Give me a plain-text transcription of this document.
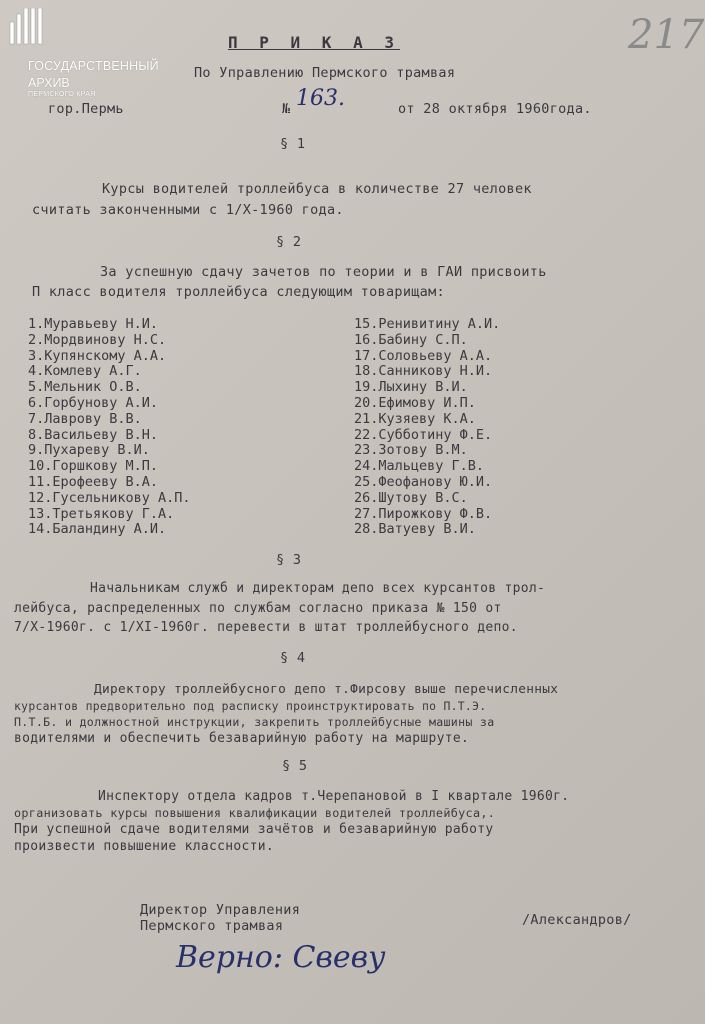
ГОСУДАРСТВЕННЫЙ
АРХИВ
ПЕРМСКОГО КРАЯ
217
П Р И К А З
По Управлению Пермского трамвая
гор.Пермь	№ 163.	от 28 октября 1960года.
§ 1
Курсы водителей троллейбуса в количестве 27 человек
считать законченными с 1/Х-1960 года.
§ 2
За успешную сдачу зачетов по теории и в ГАИ присвоить
П класс водителя троллейбуса следующим товарищам:
1.Муравьеву Н.И.
2.Мордвинову Н.С.
3.Купянскому А.А.
4.Комлеву А.Г.
5.Мельник О.В.
6.Горбунову А.И.
7.Лаврову В.В.
8.Васильеву В.Н.
9.Пухареву В.И.
10.Горшкову М.П.
11.Ерофееву В.А.
12.Гусельникову А.П.
13.Третьякову Г.А.
14.Баландину А.И.
15.Ренивитину А.И.
16.Бабину С.П.
17.Соловьеву А.А.
18.Санникову Н.И.
19.Лыхину В.И.
20.Ефимову И.П.
21.Кузяеву К.А.
22.Субботину Ф.Е.
23.Зотову В.М.
24.Мальцеву Г.В.
25.Феофанову Ю.И.
26.Шутову В.С.
27.Пирожкову Ф.В.
28.Ватуеву В.И.
§ 3
Начальникам служб и директорам депо всех курсантов трол-
лейбуса, распределенных по службам согласно приказа № 150 от
7/Х-1960г. с 1/ХI-1960г. перевести в штат троллейбусного депо.
§ 4
Директору троллейбусного депо т.Фирсову выше перечисленных
курсантов предворительно под расписку проинструктировать по П.Т.Э.
П.Т.Б. и должностной инструкции, закрепить троллейбусные машины за
водителями и обеспечить безаварийную работу на маршруте.
§ 5
Инспектору отдела кадров т.Черепановой в I квартале 1960г.
организовать курсы повышения квалификации водителей троллейбуса,.
При успешной сдаче водителями зачётов и безаварийную работу
произвести повышение классности.
Директор Управления
Пермского трамвая	/Александров/
Верно: Свеву
